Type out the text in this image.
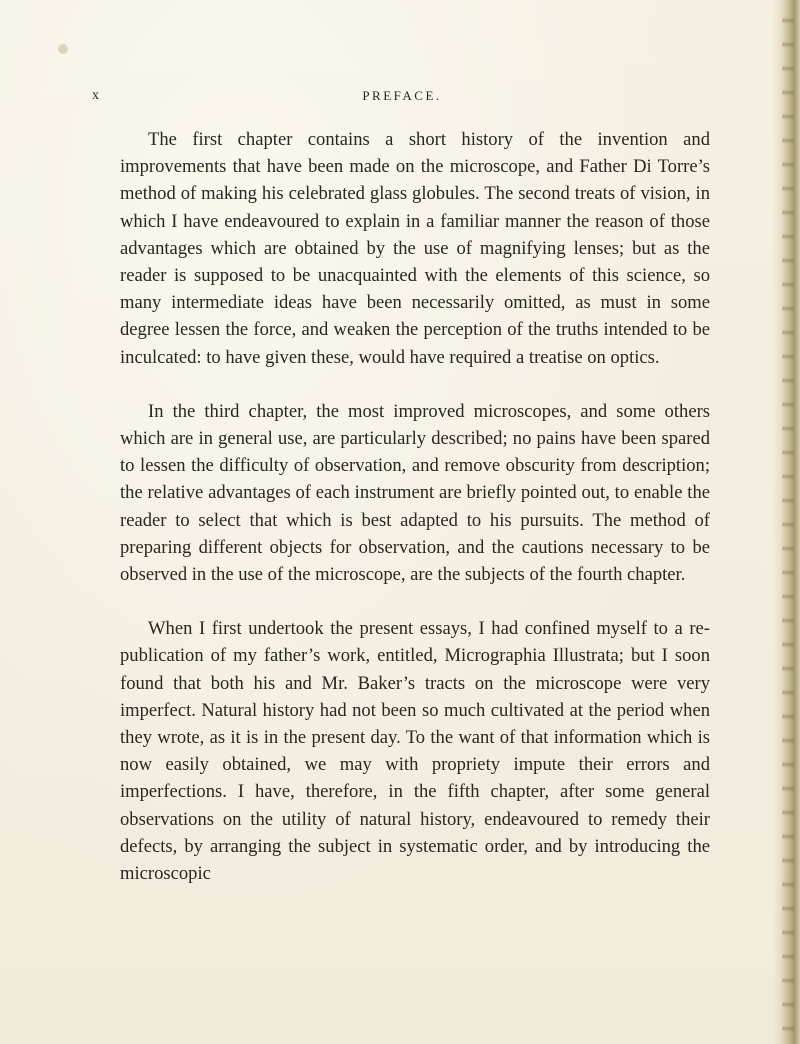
x	PREFACE.

The first chapter contains a short history of the invention and improvements that have been made on the microscope, and Father Di Torre’s method of making his celebrated glass globules. The second treats of vision, in which I have endeavoured to explain in a familiar manner the reason of those advantages which are obtained by the use of magnifying lenses; but as the reader is supposed to be unacquainted with the elements of this science, so many intermediate ideas have been necessarily omitted, as must in some degree lessen the force, and weaken the perception of the truths intended to be inculcated: to have given these, would have required a treatise on optics.

In the third chapter, the most improved microscopes, and some others which are in general use, are particularly described; no pains have been spared to lessen the difficulty of observation, and remove obscurity from description; the relative advantages of each instrument are briefly pointed out, to enable the reader to select that which is best adapted to his pursuits. The method of preparing different objects for observation, and the cautions necessary to be observed in the use of the microscope, are the subjects of the fourth chapter.

When I first undertook the present essays, I had confined myself to a re-publication of my father’s work, entitled, Micrographia Illustrata; but I soon found that both his and Mr. Baker’s tracts on the microscope were very imperfect. Natural history had not been so much cultivated at the period when they wrote, as it is in the present day. To the want of that information which is now easily obtained, we may with propriety impute their errors and imperfections. I have, therefore, in the fifth chapter, after some general observations on the utility of natural history, endeavoured to remedy their defects, by arranging the subject in systematic order, and by introducing the microscopic
